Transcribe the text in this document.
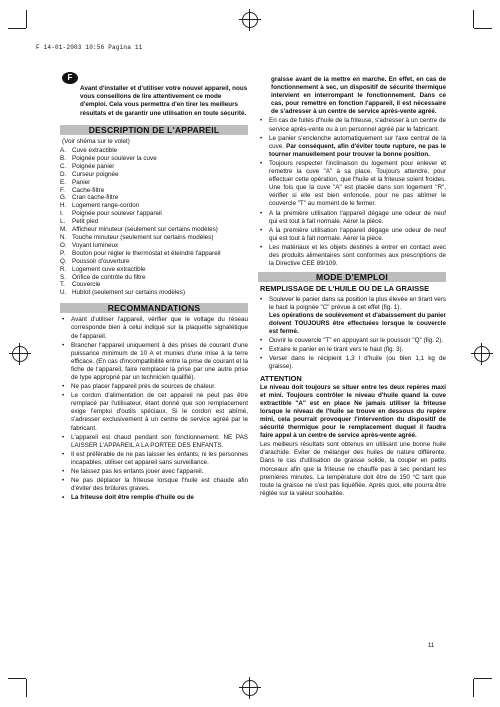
F 14-01-2003 10:56 Pagina 11
F
Avant d'installer et d'utiliser votre nouvel appareil, nous vous conseillons de lire attentivement ce mode d'emploi. Cela vous permettra d'en tirer les meilleurs résultats et de garantir une utilisation en toute sécurité.
DESCRIPTION DE L'APPAREIL
(Voir shéma sur le volet)
A. Cuve extractible
B. Poignée pour soulever la cuve
C. Poignée panier
D. Curseur poignée
E. Panier
F.	Cache-filtre
G. Cran cache-filtre
H. Logement range-cordon
I.	Poignée pour soulever l'appareil
L.	Petit pied
M. Afficheur minuteur (seulement sur certains modèles)
N. Touche minuteur (seulement sur certains modèles)
O. Voyant lumineux
P.	Bouton pour régler le thermostat et éteindre l'appareil
Q. Poussoir d'ouverture
R. Logement cuve extractible
S. Orifice de contrôle du filtre
T.	Couvercle
U. Hublot (seulement sur certains modèles)
RECOMMANDATIONS
• Avant d'utiliser l'appareil, vérifier que le voltage du réseau corresponde bien à celui indiqué sur la plaquette signalétique de l'appareil.
• Brancher l'appareil uniquement à des prises de courant d'une puissance minimum de 10 A et munies d'une mise à la terre efficace. (En cas d'incompatibilité entre la prise de courant et la fiche de l'appareil, faire remplacer la prise par une autre prise de type approprié par un technicien qualifié).
• Ne pas placer l'appareil près de sources de chaleur.
• Le cordon d'alimentation de cet appareil ne peut pas être remplacé par l'utilisateur, étant donné que son remplacement exige l'emploi d'outils spéciaux. Si le cordon est abîmé, s'adresser exclusivement à un centre de service agréé par le fabricant.
• L'appareil est chaud pendant son fonctionnement. NE PAS LAISSER L'APPAREIL A LA PORTEE DES ENFANTS.
• Il est préférable de ne pas laisser les enfants, ni les personnes incapables, utiliser cet appareil sans surveillance.
• Ne laissez pas les enfants jouer avec l'appareil.
• Ne pas déplacer la friteuse lorsque l'huile est chaude afin d'éviter des brûlures graves.
• La friteuse doit être remplie d'huile ou de
graisse avant de la mettre en marche. En effet, en cas de fonctionnement à sec, un dispositif de sécurité thermique intervient en interrompant le fonctionnement. Dans ce cas, pour remettre en fonction l'appareil, il est nécessaire de s'adresser à un centre de service après-vente agréé.
• En cas de fuites d'huile de la friteuse, s'adresser à un centre de service après-vente ou à un personnel agréé par le fabricant.
• Le panier s'enclenche automatiquement sur l'axe central de la cuve. Par conséquent, afin d'éviter toute rupture, ne pas le tourner manuellement pour trouver la bonne position.
• Toujours respecter l'inclinaison du logement pour enlever et remettre la cuve "A" à sa place. Toujours attendre, pour effectuer cette opération, que l'huile et la friteuse soient froides. Une fois que la cuve "A" est placée dans son logement "R", vérifier si elle est bien enfoncée, pour ne pas abîmer le couvercle "T" au moment de le fermer.
• A la première utilisation l'appareil dégage une odeur de neuf qui est tout à fait normale. Aérer la pièce.
• A la première utilisation l'appareil dégage une odeur de neuf qui est tout à fait normale. Aérer la pièce.
• Les matériaux et les objets destinés à entrer en contact avec des produits alimentaires sont conformes aux prescriptions de la Directive CEE 89/109.
MODE D'EMPLOI
REMPLISSAGE DE L'HUILE OU DE LA GRAISSE
• Soulever le panier dans sa position la plus élevée en tirant vers le haut la poignée "C" prévue à cet effet (fig. 1).
Les opérations de soulèvement et d'abaissement du panier doivent TOUJOURS être effectuées lorsque le couvercle est fermé.
• Ouvrir le couvercle "T" en appuyant sur le poussoir "Q" (fig. 2).
• Extraire le panier en le tirant vers le haut (fig. 3).
• Verser dans le récipient 1,3 l d'huile (ou bien 1,1 kg de graisse).
ATTENTION
Le niveau doit toujours se situer entre les deux repères maxi et mini. Toujours contrôler le niveau d'huile quand la cuve extractible "A" est en place Ne jamais utiliser la friteuse lorsque le niveau de l'huile se trouve en dessous du repère mini, cela pourrait provoquer l'intervention du dispositif de sécurité thermique pour le remplacement duquel il faudra faire appel à un centre de service après-vente agréé.
Les meilleurs résultats sont obtenus en utilisant une bonne huile d'arachide. Eviter de mélanger des huiles de nature différente. Dans le cas d'utilisation de graisse solide, la couper en petits morceaux afin que la friteuse ne chauffe pas à sec pendant les premières minutes. La température doit être de 150 °C tant que toute la graisse ne s'est pas liquéfiée. Après quoi, elle pourra être réglée sur la valeur souhaitée.
11
